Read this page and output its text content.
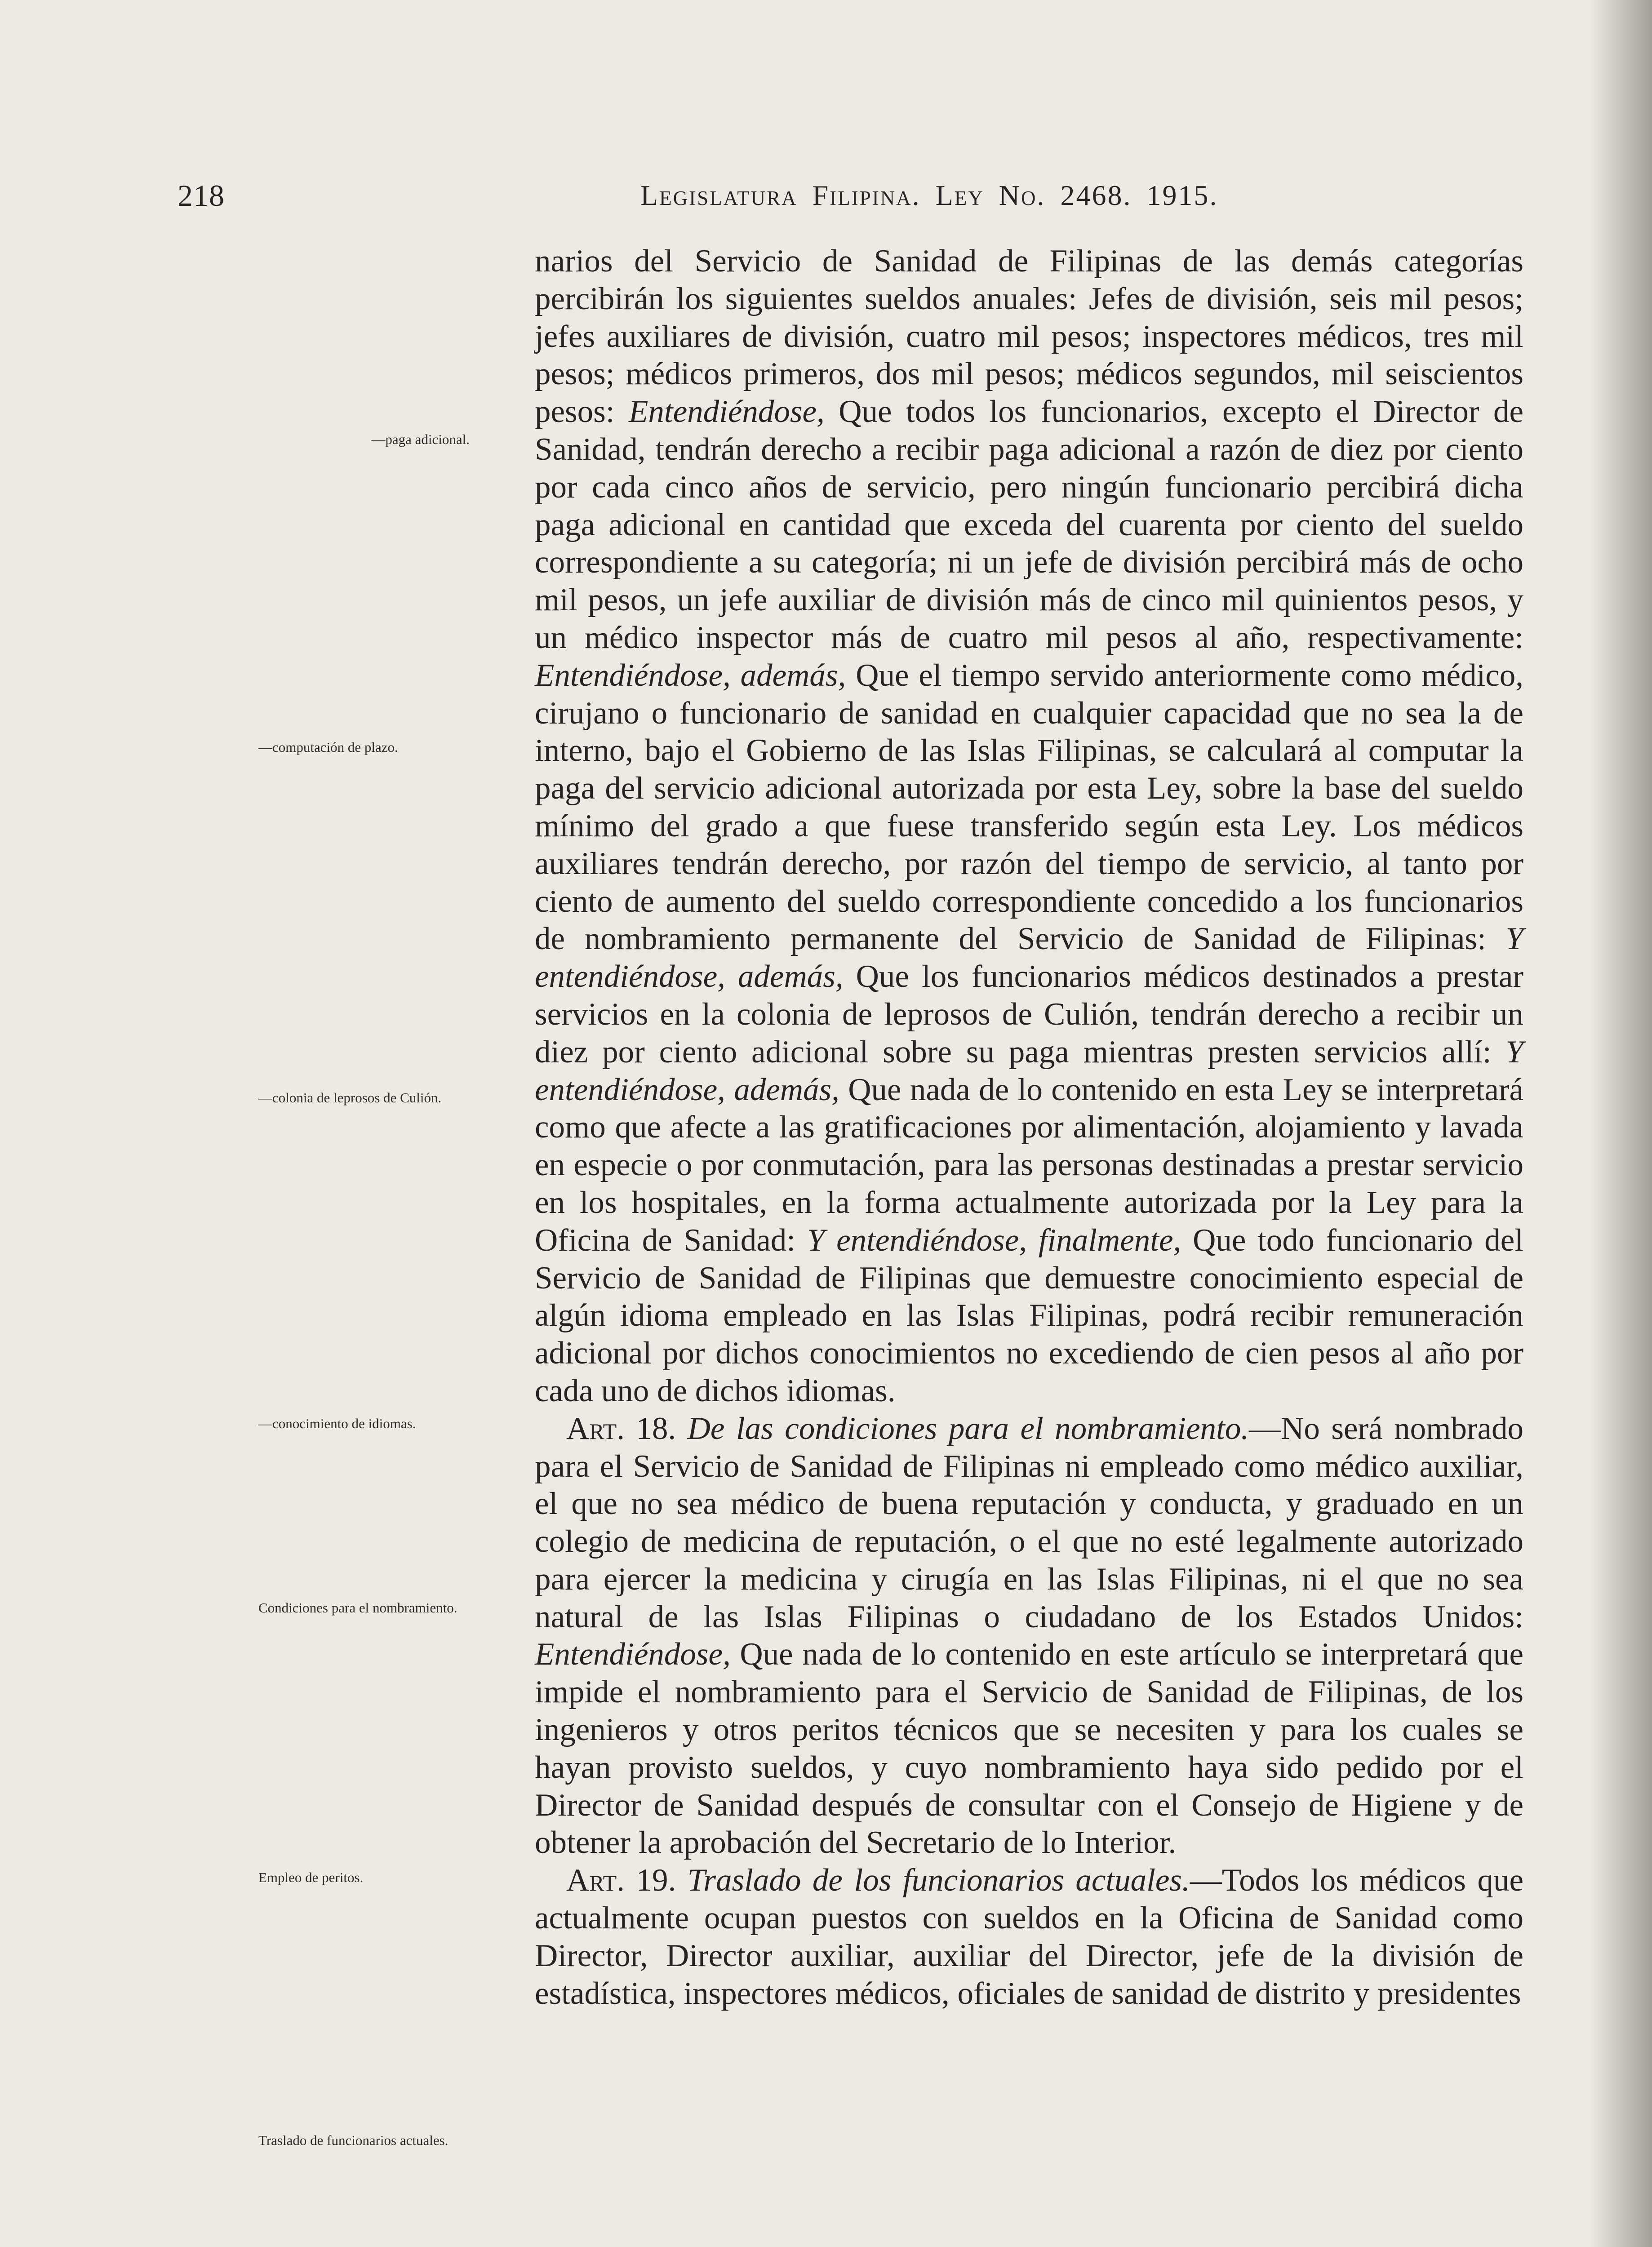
218	Legislatura Filipina. Ley No. 2468. 1915.
—paga adicional.
—computación de plazo.
—colonia de leprosos de Culión.
—conocimiento de idiomas.
Condiciones para el nombramiento.
Empleo de peritos.
Traslado de funcionarios actuales.

narios del Servicio de Sanidad de Filipinas de las demás categorías percibirán los siguientes sueldos anuales: Jefes de división, seis mil pesos; jefes auxiliares de división, cuatro mil pesos; inspectores médicos, tres mil pesos; médicos primeros, dos mil pesos; médicos segundos, mil seiscientos pesos: Entendiéndose, Que todos los funcionarios, excepto el Director de Sanidad, tendrán derecho a recibir paga adicional a razón de diez por ciento por cada cinco años de servicio, pero ningún funcionario percibirá dicha paga adicional en cantidad que exceda del cuarenta por ciento del sueldo correspondiente a su categoría; ni un jefe de división percibirá más de ocho mil pesos, un jefe auxiliar de división más de cinco mil quinientos pesos, y un médico inspector más de cuatro mil pesos al año, respectivamente: Entendiéndose, además, Que el tiempo servido anteriormente como médico, cirujano o funcionario de sanidad en cualquier capacidad que no sea la de interno, bajo el Gobierno de las Islas Filipinas, se calculará al computar la paga del servicio adicional autorizada por esta Ley, sobre la base del sueldo mínimo del grado a que fuese transferido según esta Ley. Los médicos auxiliares tendrán derecho, por razón del tiempo de servicio, al tanto por ciento de aumento del sueldo correspondiente concedido a los funcionarios de nombramiento permanente del Servicio de Sanidad de Filipinas: Y entendiéndose, además, Que los funcionarios médicos destinados a prestar servicios en la colonia de leprosos de Culión, tendrán derecho a recibir un diez por ciento adicional sobre su paga mientras presten servicios allí: Y entendiéndose, además, Que nada de lo contenido en esta Ley se interpretará como que afecte a las gratificaciones por alimentación, alojamiento y lavada en especie o por conmutación, para las personas destinadas a prestar servicio en los hospitales, en la forma actualmente autorizada por la Ley para la Oficina de Sanidad: Y entendiéndose, finalmente, Que todo funcionario del Servicio de Sanidad de Filipinas que demuestre conocimiento especial de algún idioma empleado en las Islas Filipinas, podrá recibir remuneración adicional por dichos conocimientos no excediendo de cien pesos al año por cada uno de dichos idiomas.

Art. 18. De las condiciones para el nombramiento.—No será nombrado para el Servicio de Sanidad de Filipinas ni empleado como médico auxiliar, el que no sea médico de buena reputación y conducta, y graduado en un colegio de medicina de reputación, o el que no esté legalmente autorizado para ejercer la medicina y cirugía en las Islas Filipinas, ni el que no sea natural de las Islas Filipinas o ciudadano de los Estados Unidos: Entendiéndose, Que nada de lo contenido en este artículo se interpretará que impide el nombramiento para el Servicio de Sanidad de Filipinas, de los ingenieros y otros peritos técnicos que se necesiten y para los cuales se hayan provisto sueldos, y cuyo nombramiento haya sido pedido por el Director de Sanidad después de consultar con el Consejo de Higiene y de obtener la aprobación del Secretario de lo Interior.

Art. 19. Traslado de los funcionarios actuales.—Todos los médicos que actualmente ocupan puestos con sueldos en la Oficina de Sanidad como Director, Director auxiliar, auxiliar del Director, jefe de la división de estadística, inspectores médicos, oficiales de sanidad de distrito y presidentes
